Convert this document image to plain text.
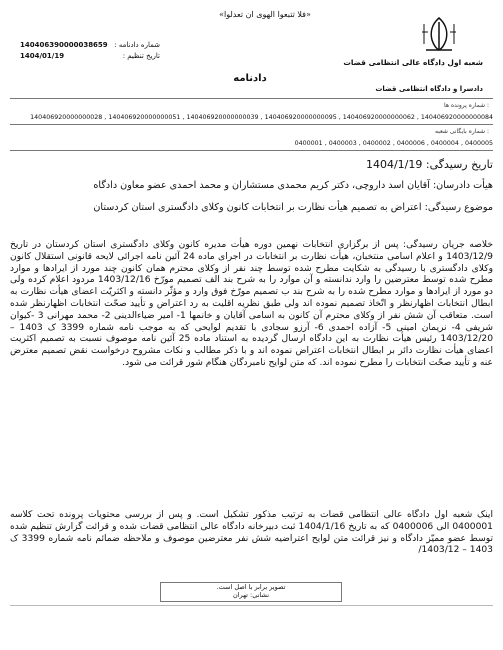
«فلا تتبعوا الهوی ان تعدلوا»
شماره دادنامه :
140406390000038659
تاریخ تنظیم :
1404/01/19
شعبه اول دادگاه عالی انتظامی قضات
دادنامه
دادسرا و دادگاه انتظامی قضات
شماره پرونده ها :
140406920000000084 , 140406920000000062 , 140406920000000095 , 140406920000000039 , 140406920000000051 , 140406920000000028
شماره بایگانی شعبه :
0400005 , 0400004 , 0400006 , 0400002 , 0400003 , 0400001
تاریخ رسیدگی: 1404/1/19
هیأت دادرسان: آقایان اسد داروچی، دکتر کریم محمدی مستشاران و محمد احمدی عضو معاون دادگاه
موضوع رسیدگی: اعتراض به تصمیم هیأت نظارت بر انتخابات کانون وکلای دادگستری استان کردستان
خلاصه جریان رسیدگی: پس از برگزاری انتخابات نهمین دوره هیأت مدیره کانون وکلای دادگستری استان کردستان در تاریخ 1403/12/9 و اعلام اسامی منتخبان، هیأت نظارت بر انتخابات در اجرای ماده 24 آئین نامه اجرائی لایحه قانونی استقلال کانون وکلای دادگستری با رسیدگی به شکایت مطرح شده توسط چند نفر از وکلای محترم همان کانون چند مورد از ایرادها و موارد مطرح شده توسط معترضین را وارد ندانسته و آن موارد را به شرح بند الف تصمیم مورّخ 1403/12/16 مردود اعلام کرده ولی دو مورد از ایرادها و موارد مطرح شده را به شرح بند ب تصمیم مورّخ فوق وارد و مؤثّر دانسته و اکثریّت اعضای هیأت نظارت به ابطال انتخابات اظهارنظر و اتّخاذ تصمیم نموده اند ولی طبق نظریه اقلیت به رد اعتراض و تأیید صحّت انتخابات اظهارنظر شده است. متعاقب آن شش نفر از وکلای محترم آن کانون به اسامی آقایان و خانمها 1- امیر ضیاءالدینی 2- محمد مهرانی 3 -کیوان شریفی 4- نریمان امینی 5- آزاده احمدی 6- آرزو سجادی با تقدیم لوایحی که به موجب نامه شماره 3399 ک 1403 – 1403/12/20 رئیس هیأت نظارت به این دادگاه ارسال گردیده به استناد ماده 25 آئین نامه موصوف نسبت به تصمیم اکثریت اعضای هیأت نظارت دائر بر ابطال انتخابات اعتراض نموده اند و با ذکر مطالب و نکات مشروح درخواست نقض تصمیم معترض عنه و تأیید صحّت انتخابات را مطرح نموده اند. که متن لوایح نامبردگان هنگام شور قرائت می شود.
اینک شعبه اول دادگاه عالی انتظامی قضات به ترتیب مذکور تشکیل است. و پس از بررسی محتویات پرونده تحت کلاسه 0400001 الی 0400006 که به تاریخ 1404/1/16 ثبت دبیرخانه دادگاه عالی انتظامی قضات شده و قرائت گزارش تنظیم شده توسط عضو ممیّز دادگاه و نیز قرائت متن لوایح اعتراضیه شش نفر معترضین موصوف و ملاحظه ضمائم نامه شماره 3399 ک 1403 – 1403/12/
تصویر برابر با اصل است.
نشانی: تهران
